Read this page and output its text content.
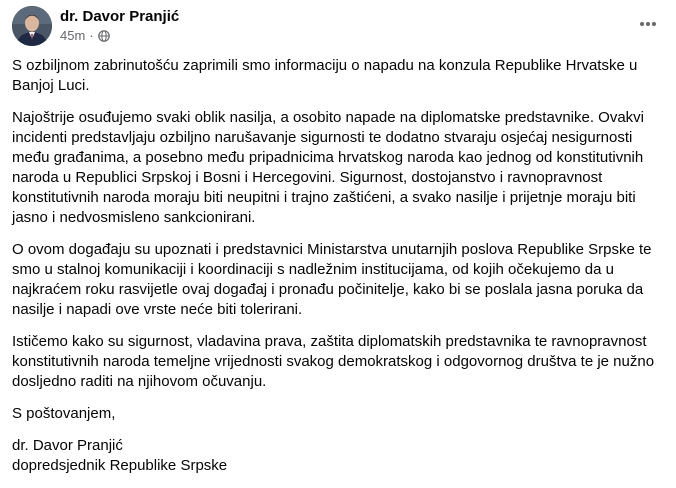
dr. Davor Pranjić
45m ·

S ozbiljnom zabrinutošću zaprimili smo informaciju o napadu na konzula Republike Hrvatske u
Banjoj Luci.

Najoštrije osuđujemo svaki oblik nasilja, a osobito napade na diplomatske predstavnike. Ovakvi
incidenti predstavljaju ozbiljno narušavanje sigurnosti te dodatno stvaraju osjećaj nesigurnosti
među građanima, a posebno među pripadnicima hrvatskog naroda kao jednog od konstitutivnih
naroda u Republici Srpskoj i Bosni i Hercegovini. Sigurnost, dostojanstvo i ravnopravnost
konstitutivnih naroda moraju biti neupitni i trajno zaštićeni, a svako nasilje i prijetnje moraju biti
jasno i nedvosmisleno sankcionirani.

O ovom događaju su upoznati i predstavnici Ministarstva unutarnjih poslova Republike Srpske te
smo u stalnoj komunikaciji i koordinaciji s nadležnim institucijama, od kojih očekujemo da u
najkraćem roku rasvijetle ovaj događaj i pronađu počinitelje, kako bi se poslala jasna poruka da
nasilje i napadi ove vrste neće biti tolerirani.

Ističemo kako su sigurnost, vladavina prava, zaštita diplomatskih predstavnika te ravnopravnost
konstitutivnih naroda temeljne vrijednosti svakog demokratskog i odgovornog društva te je nužno
dosljedno raditi na njihovom očuvanju.

S poštovanjem,

dr. Davor Pranjić
dopredsjednik Republike Srpske
